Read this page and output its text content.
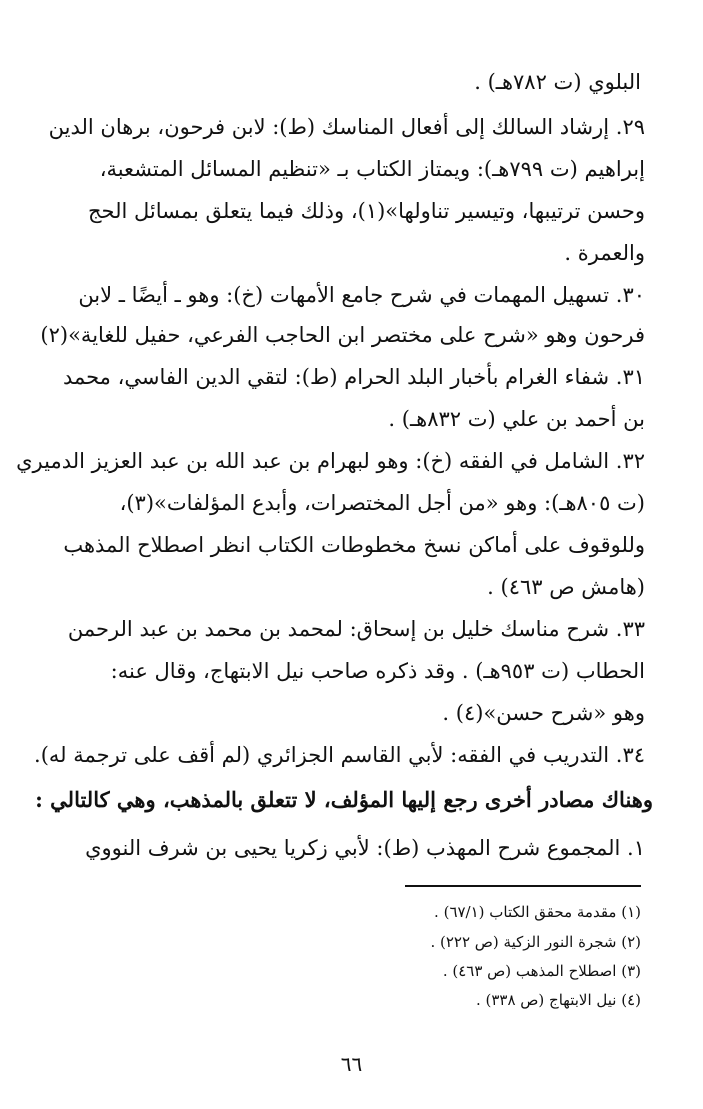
البلوي (ت ٧٨٢هـ) .
٢٩. إرشاد السالك إلى أفعال المناسك (ط): لابن فرحون، برهان الدين
إبراهيم (ت ٧٩٩هـ): ويمتاز الكتاب بـ «تنظيم المسائل المتشعبة،
وحسن ترتيبها، وتيسير تناولها»(١)، وذلك فيما يتعلق بمسائل الحج
والعمرة .
٣٠. تسهيل المهمات في شرح جامع الأمهات (خ): وهو ـ أيضًا ـ لابن
فرحون وهو «شرح على مختصر ابن الحاجب الفرعي، حفيل للغاية»(٢)
٣١. شفاء الغرام بأخبار البلد الحرام (ط): لتقي الدين الفاسي، محمد
بن أحمد بن علي (ت ٨٣٢هـ) .
٣٢. الشامل في الفقه (خ): وهو لبهرام بن عبد الله بن عبد العزيز الدميري
(ت ٨٠٥هـ): وهو «من أجل المختصرات، وأبدع المؤلفات»(٣)،
وللوقوف على أماكن نسخ مخطوطات الكتاب انظر اصطلاح المذهب
(هامش ص ٤٦٣) .
٣٣. شرح مناسك خليل بن إسحاق: لمحمد بن محمد بن عبد الرحمن
الحطاب (ت ٩٥٣هـ) . وقد ذكره صاحب نيل الابتهاج، وقال عنه:
وهو «شرح حسن»(٤) .
٣٤. التدريب في الفقه: لأبي القاسم الجزائري (لم أقف على ترجمة له).
وهناك مصادر أخرى رجع إليها المؤلف، لا تتعلق بالمذهب، وهي كالتالي :
١. المجموع شرح المهذب (ط): لأبي زكريا يحيى بن شرف النووي
(١) مقدمة محقق الكتاب (٦٧/١) .
(٢) شجرة النور الزكية (ص ٢٢٢) .
(٣) اصطلاح المذهب (ص ٤٦٣) .
(٤) نيل الابتهاج (ص ٣٣٨) .
٦٦
